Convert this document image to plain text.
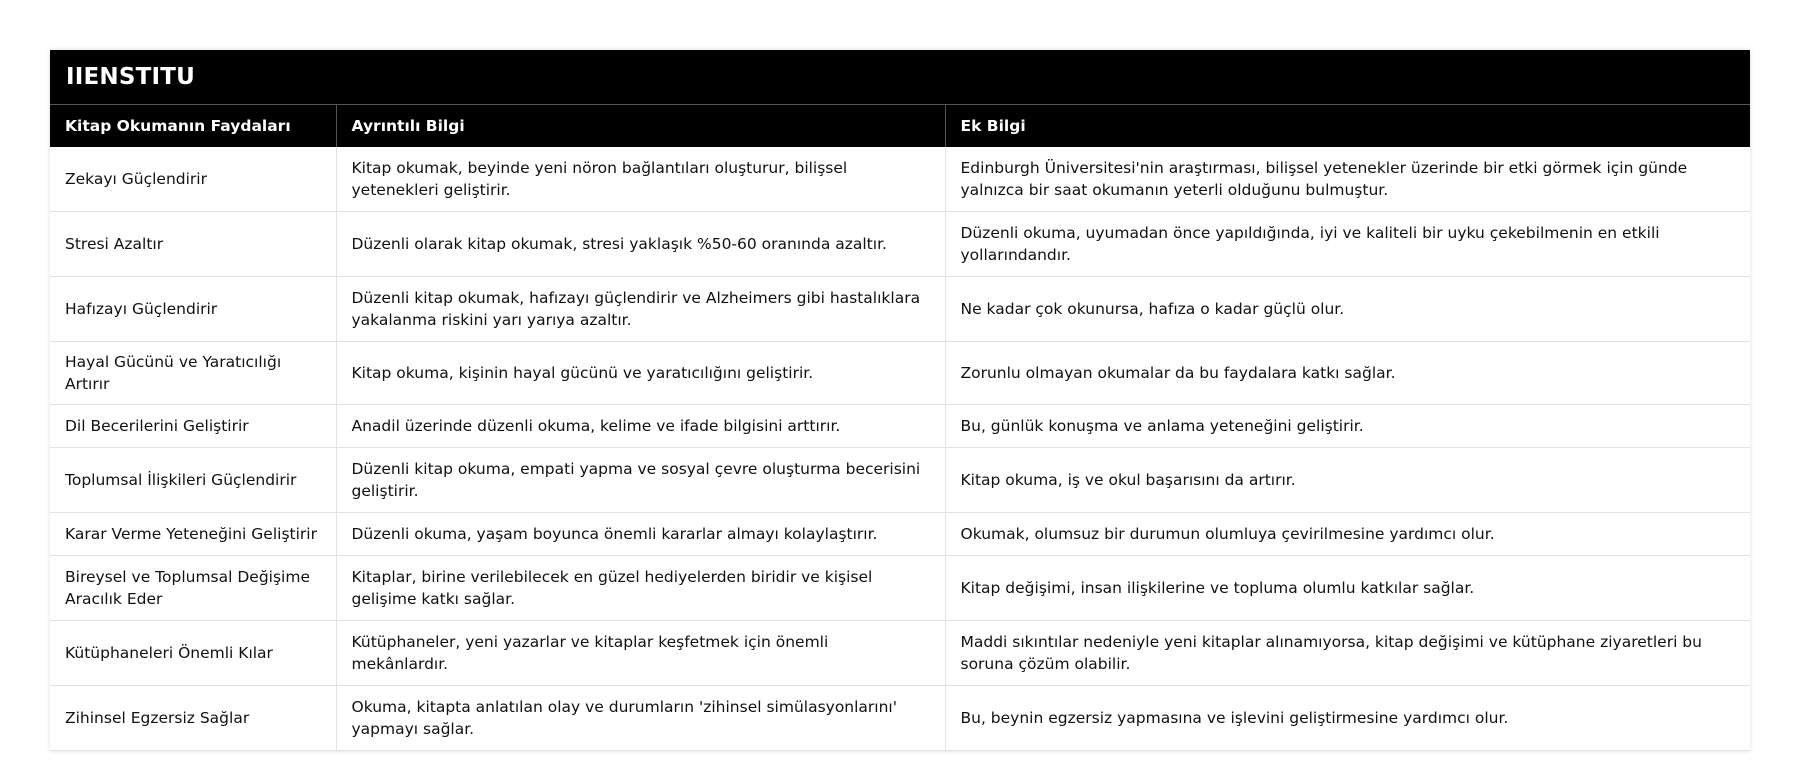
IIENSTITU
Kitap Okumanın Faydaları	Ayrıntılı Bilgi	Ek Bilgi
Zekayı Güçlendirir	Kitap okumak, beyinde yeni nöron bağlantıları oluşturur, bilişsel yetenekleri geliştirir.	Edinburgh Üniversitesi'nin araştırması, bilişsel yetenekler üzerinde bir etki görmek için günde yalnızca bir saat okumanın yeterli olduğunu bulmuştur.
Stresi Azaltır	Düzenli olarak kitap okumak, stresi yaklaşık %50-60 oranında azaltır.	Düzenli okuma, uyumadan önce yapıldığında, iyi ve kaliteli bir uyku çekebilmenin en etkili yollarındandır.
Hafızayı Güçlendirir	Düzenli kitap okumak, hafızayı güçlendirir ve Alzheimers gibi hastalıklara yakalanma riskini yarı yarıya azaltır.	Ne kadar çok okunursa, hafıza o kadar güçlü olur.
Hayal Gücünü ve Yaratıcılığı Artırır	Kitap okuma, kişinin hayal gücünü ve yaratıcılığını geliştirir.	Zorunlu olmayan okumalar da bu faydalara katkı sağlar.
Dil Becerilerini Geliştirir	Anadil üzerinde düzenli okuma, kelime ve ifade bilgisini arttırır.	Bu, günlük konuşma ve anlama yeteneğini geliştirir.
Toplumsal İlişkileri Güçlendirir	Düzenli kitap okuma, empati yapma ve sosyal çevre oluşturma becerisini geliştirir.	Kitap okuma, iş ve okul başarısını da artırır.
Karar Verme Yeteneğini Geliştirir	Düzenli okuma, yaşam boyunca önemli kararlar almayı kolaylaştırır.	Okumak, olumsuz bir durumun olumluya çevirilmesine yardımcı olur.
Bireysel ve Toplumsal Değişime Aracılık Eder	Kitaplar, birine verilebilecek en güzel hediyelerden biridir ve kişisel gelişime katkı sağlar.	Kitap değişimi, insan ilişkilerine ve topluma olumlu katkılar sağlar.
Kütüphaneleri Önemli Kılar	Kütüphaneler, yeni yazarlar ve kitaplar keşfetmek için önemli mekânlardır.	Maddi sıkıntılar nedeniyle yeni kitaplar alınamıyorsa, kitap değişimi ve kütüphane ziyaretleri bu soruna çözüm olabilir.
Zihinsel Egzersiz Sağlar	Okuma, kitapta anlatılan olay ve durumların 'zihinsel simülasyonlarını' yapmayı sağlar.	Bu, beynin egzersiz yapmasına ve işlevini geliştirmesine yardımcı olur.
